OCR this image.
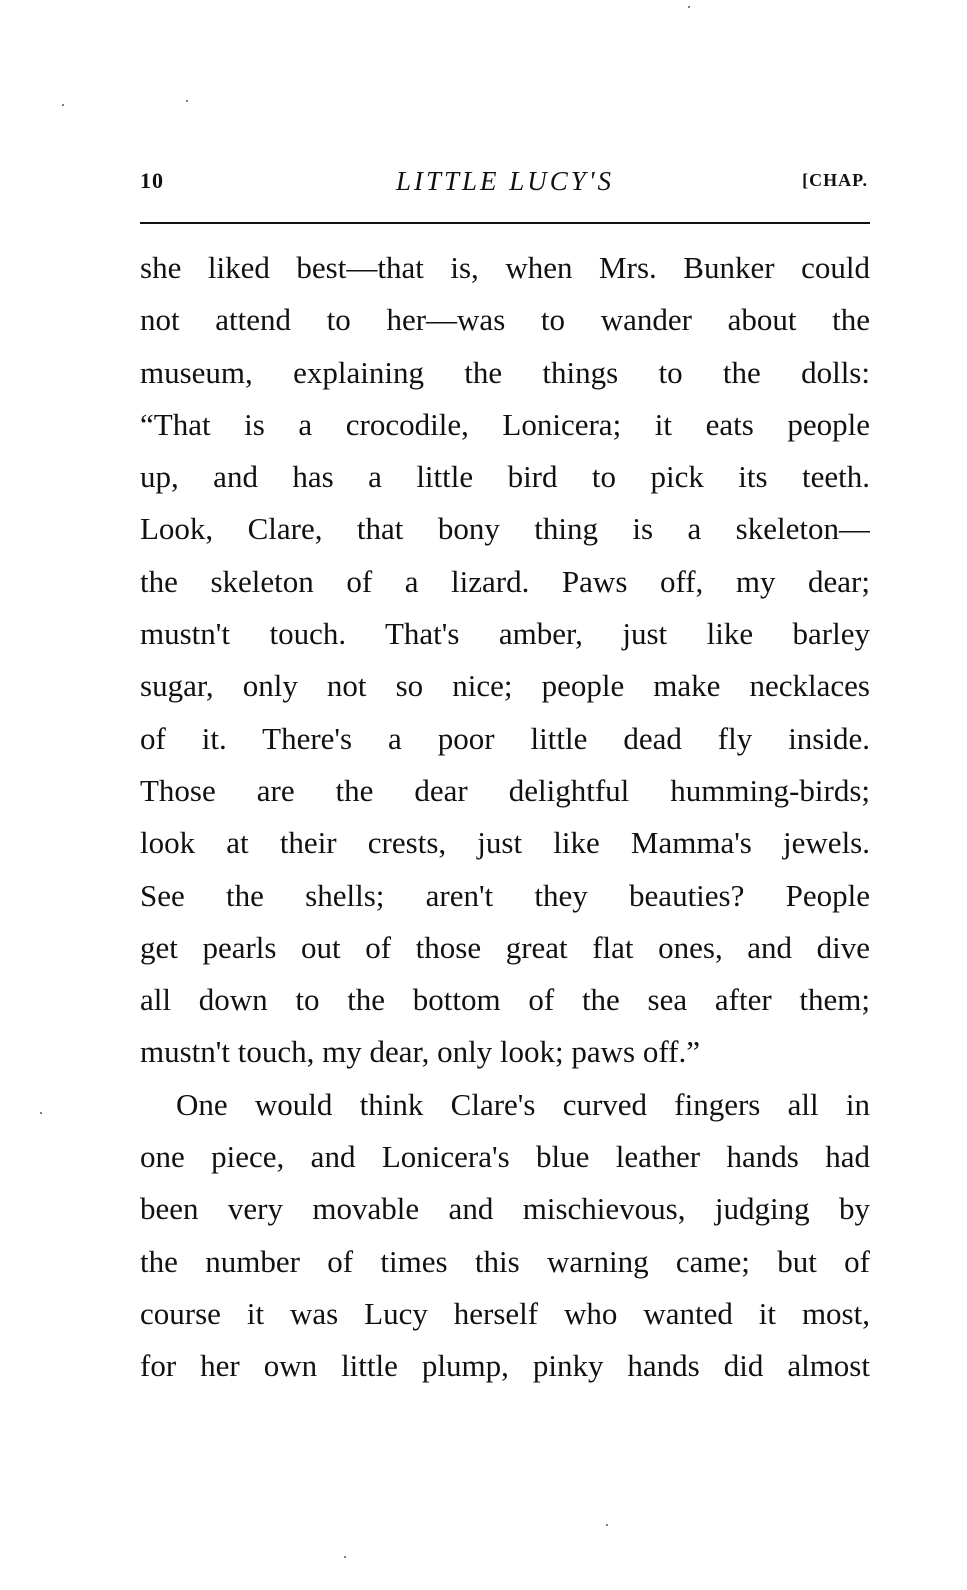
10	LITTLE LUCY'S	[CHAP.
she liked best—that is, when Mrs. Bunker could
not attend to her—was to wander about the
museum, explaining the things to the dolls:
“That is a crocodile, Lonicera; it eats people
up, and has a little bird to pick its teeth.
Look, Clare, that bony thing is a skeleton—
the skeleton of a lizard. Paws off, my dear;
mustn't touch. That's amber, just like barley
sugar, only not so nice; people make necklaces
of it. There's a poor little dead fly inside.
Those are the dear delightful humming-birds;
look at their crests, just like Mamma's jewels.
See the shells; aren't they beauties? People
get pearls out of those great flat ones, and dive
all down to the bottom of the sea after them;
mustn't touch, my dear, only look; paws off.”
One would think Clare's curved fingers all in
one piece, and Lonicera's blue leather hands had
been very movable and mischievous, judging by
the number of times this warning came; but of
course it was Lucy herself who wanted it most,
for her own little plump, pinky hands did almost
